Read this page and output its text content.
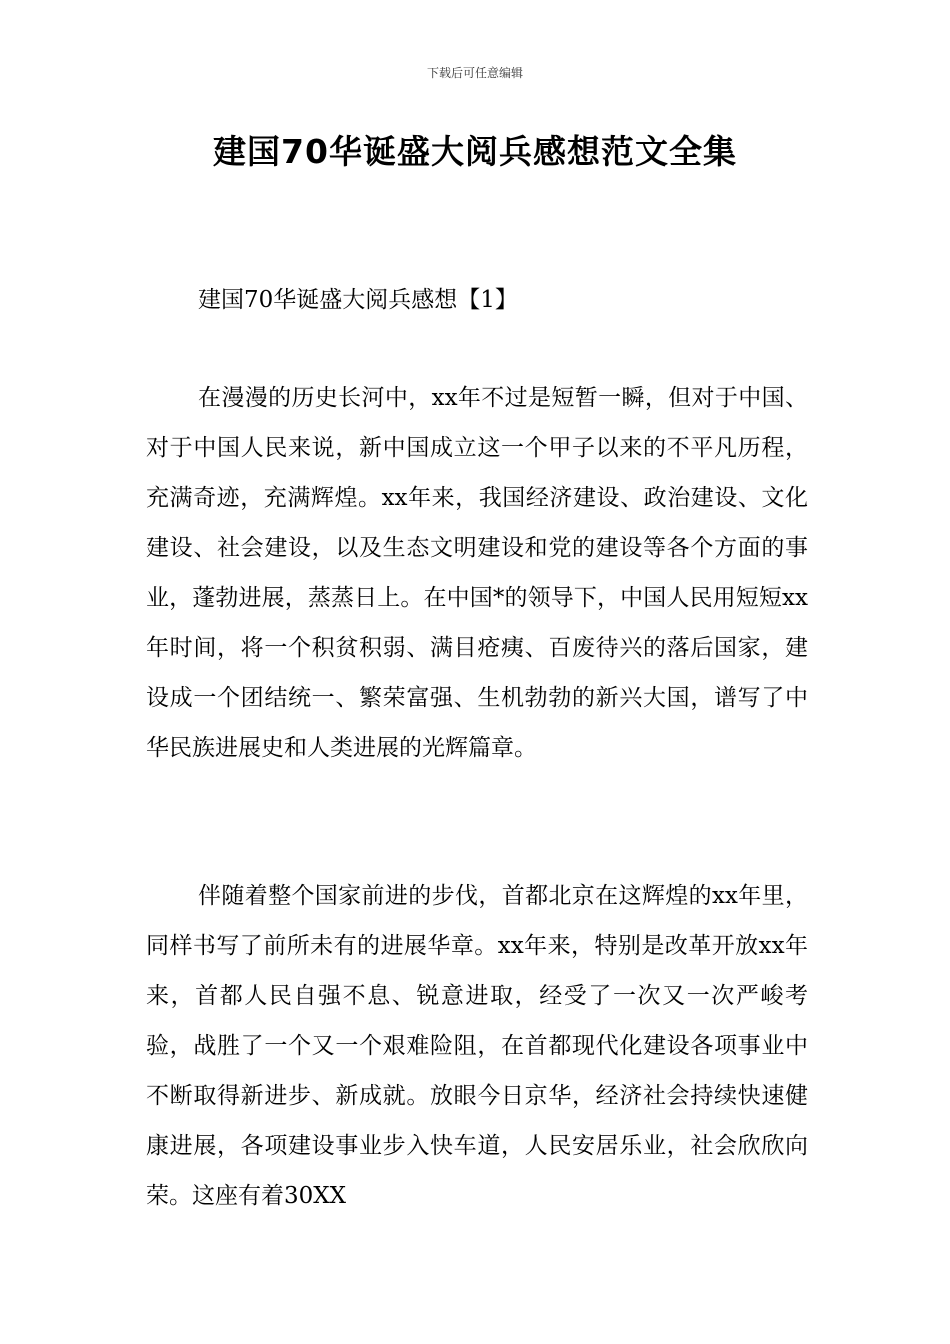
下载后可任意编辑
建国70华诞盛大阅兵感想范文全集
建国70华诞盛大阅兵感想【1】

在漫漫的历史长河中，xx年不过是短暂一瞬，但对于中国、对于中国人民来说，新中国成立这一个甲子以来的不平凡历程，充满奇迹，充满辉煌。xx年来，我国经济建设、政治建设、文化建设、社会建设，以及生态文明建设和党的建设等各个方面的事业，蓬勃进展，蒸蒸日上。在中国*的领导下，中国人民用短短xx年时间，将一个积贫积弱、满目疮痍、百废待兴的落后国家，建设成一个团结统一、繁荣富强、生机勃勃的新兴大国，谱写了中华民族进展史和人类进展的光辉篇章。

伴随着整个国家前进的步伐，首都北京在这辉煌的xx年里，同样书写了前所未有的进展华章。xx年来，特别是改革开放xx年来，首都人民自强不息、锐意进取，经受了一次又一次严峻考验，战胜了一个又一个艰难险阻，在首都现代化建设各项事业中不断取得新进步、新成就。放眼今日京华，经济社会持续快速健康进展，各项建设事业步入快车道，人民安居乐业，社会欣欣向荣。这座有着30XX
